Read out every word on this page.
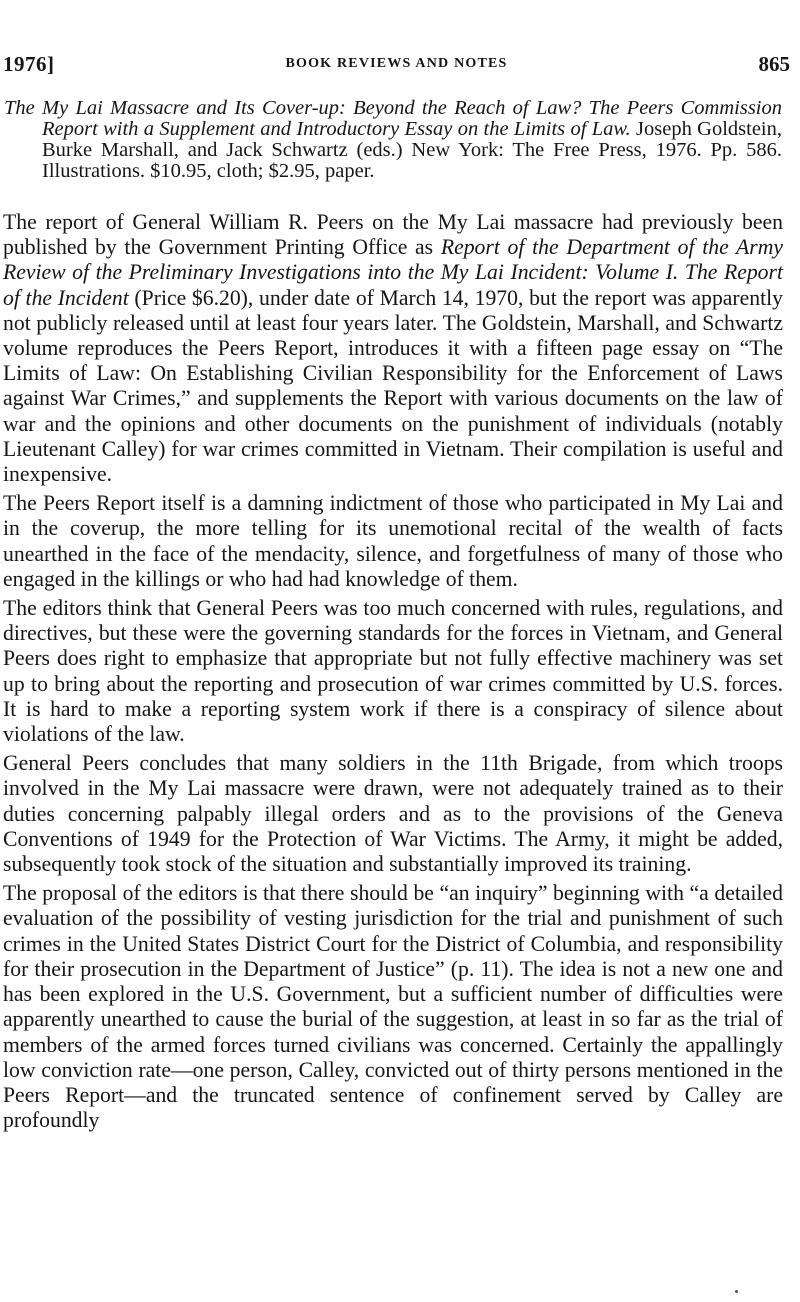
1976]	BOOK REVIEWS AND NOTES	865
The My Lai Massacre and Its Cover-up: Beyond the Reach of Law? The Peers Commission Report with a Supplement and Introductory Essay on the Limits of Law. Joseph Goldstein, Burke Marshall, and Jack Schwartz (eds.) New York: The Free Press, 1976. Pp. 586. Illustrations. $10.95, cloth; $2.95, paper.

The report of General William R. Peers on the My Lai massacre had previously been published by the Government Printing Office as Report of the Department of the Army Review of the Preliminary Investigations into the My Lai Incident: Volume I. The Report of the Incident (Price $6.20), under date of March 14, 1970, but the report was apparently not publicly released until at least four years later. The Goldstein, Marshall, and Schwartz volume reproduces the Peers Report, introduces it with a fifteen page essay on “The Limits of Law: On Establishing Civilian Responsibility for the Enforcement of Laws against War Crimes,” and supplements the Report with various documents on the law of war and the opinions and other documents on the punishment of individuals (notably Lieutenant Calley) for war crimes committed in Vietnam. Their compilation is useful and inexpensive.

The Peers Report itself is a damning indictment of those who participated in My Lai and in the coverup, the more telling for its unemotional recital of the wealth of facts unearthed in the face of the mendacity, silence, and forgetfulness of many of those who engaged in the killings or who had had knowledge of them.

The editors think that General Peers was too much concerned with rules, regulations, and directives, but these were the governing standards for the forces in Vietnam, and General Peers does right to emphasize that appropriate but not fully effective machinery was set up to bring about the reporting and prosecution of war crimes committed by U.S. forces. It is hard to make a reporting system work if there is a conspiracy of silence about violations of the law.

General Peers concludes that many soldiers in the 11th Brigade, from which troops involved in the My Lai massacre were drawn, were not adequately trained as to their duties concerning palpably illegal orders and as to the provisions of the Geneva Conventions of 1949 for the Protection of War Victims. The Army, it might be added, subsequently took stock of the situation and substantially improved its training.

The proposal of the editors is that there should be “an inquiry” beginning with “a detailed evaluation of the possibility of vesting jurisdiction for the trial and punishment of such crimes in the United States District Court for the District of Columbia, and responsibility for their prosecution in the Department of Justice” (p. 11). The idea is not a new one and has been explored in the U.S. Government, but a sufficient number of difficulties were apparently unearthed to cause the burial of the suggestion, at least in so far as the trial of members of the armed forces turned civilians was concerned. Certainly the appallingly low conviction rate—one person, Calley, convicted out of thirty persons mentioned in the Peers Report—and the truncated sentence of confinement served by Calley are profoundly
